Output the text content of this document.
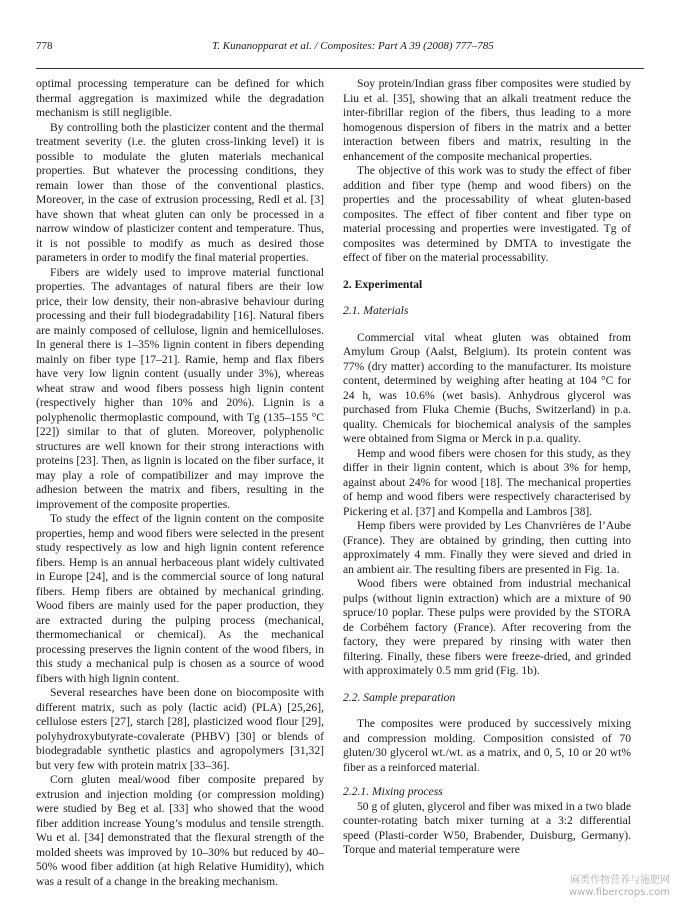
778	T. Kunanopparat et al. / Composites: Part A 39 (2008) 777–785

optimal processing temperature can be defined for which thermal aggregation is maximized while the degradation mechanism is still negligible.

By controlling both the plasticizer content and the thermal treatment severity (i.e. the gluten cross-linking level) it is possible to modulate the gluten materials mechanical properties. But whatever the processing conditions, they remain lower than those of the conventional plastics. Moreover, in the case of extrusion processing, Redl et al. [3] have shown that wheat gluten can only be processed in a narrow window of plasticizer content and temperature. Thus, it is not possible to modify as much as desired those parameters in order to modify the final material properties.

Fibers are widely used to improve material functional properties. The advantages of natural fibers are their low price, their low density, their non-abrasive behaviour during processing and their full biodegradability [16]. Natural fibers are mainly composed of cellulose, lignin and hemicelluloses. In general there is 1–35% lignin content in fibers depending mainly on fiber type [17–21]. Ramie, hemp and flax fibers have very low lignin content (usually under 3%), whereas wheat straw and wood fibers possess high lignin content (respectively higher than 10% and 20%). Lignin is a polyphenolic thermoplastic compound, with Tg (135–155 °C [22]) similar to that of gluten. Moreover, polyphenolic structures are well known for their strong interactions with proteins [23]. Then, as lignin is located on the fiber surface, it may play a role of compatibilizer and may improve the adhesion between the matrix and fibers, resulting in the improvement of the composite properties.

To study the effect of the lignin content on the composite properties, hemp and wood fibers were selected in the present study respectively as low and high lignin content reference fibers. Hemp is an annual herbaceous plant widely cultivated in Europe [24], and is the commercial source of long natural fibers. Hemp fibers are obtained by mechanical grinding. Wood fibers are mainly used for the paper production, they are extracted during the pulping process (mechanical, thermomechanical or chemical). As the mechanical processing preserves the lignin content of the wood fibers, in this study a mechanical pulp is chosen as a source of wood fibers with high lignin content.

Several researches have been done on biocomposite with different matrix, such as poly (lactic acid) (PLA) [25,26], cellulose esters [27], starch [28], plasticized wood flour [29], polyhydroxybutyrate-covalerate (PHBV) [30] or blends of biodegradable synthetic plastics and agropolymers [31,32] but very few with protein matrix [33–36].

Corn gluten meal/wood fiber composite prepared by extrusion and injection molding (or compression molding) were studied by Beg et al. [33] who showed that the wood fiber addition increase Young’s modulus and tensile strength. Wu et al. [34] demonstrated that the flexural strength of the molded sheets was improved by 10–30% but reduced by 40–50% wood fiber addition (at high Relative Humidity), which was a result of a change in the breaking mechanism.

Soy protein/Indian grass fiber composites were studied by Liu et al. [35], showing that an alkali treatment reduce the inter-fibrillar region of the fibers, thus leading to a more homogenous dispersion of fibers in the matrix and a better interaction between fibers and matrix, resulting in the enhancement of the composite mechanical properties.

The objective of this work was to study the effect of fiber addition and fiber type (hemp and wood fibers) on the properties and the processability of wheat gluten-based composites. The effect of fiber content and fiber type on material processing and properties were investigated. Tg of composites was determined by DMTA to investigate the effect of fiber on the material processability.

2. Experimental

2.1. Materials

Commercial vital wheat gluten was obtained from Amylum Group (Aalst, Belgium). Its protein content was 77% (dry matter) according to the manufacturer. Its moisture content, determined by weighing after heating at 104 °C for 24 h, was 10.6% (wet basis). Anhydrous glycerol was purchased from Fluka Chemie (Buchs, Switzerland) in p.a. quality. Chemicals for biochemical analysis of the samples were obtained from Sigma or Merck in p.a. quality.

Hemp and wood fibers were chosen for this study, as they differ in their lignin content, which is about 3% for hemp, against about 24% for wood [18]. The mechanical properties of hemp and wood fibers were respectively characterised by Pickering et al. [37] and Kompella and Lambros [38].

Hemp fibers were provided by Les Chanvrières de l’Aube (France). They are obtained by grinding, then cutting into approximately 4 mm. Finally they were sieved and dried in an ambient air. The resulting fibers are presented in Fig. 1a.

Wood fibers were obtained from industrial mechanical pulps (without lignin extraction) which are a mixture of 90 spruce/10 poplar. These pulps were provided by the STORA de Corbéhem factory (France). After recovering from the factory, they were prepared by rinsing with water then filtering. Finally, these fibers were freeze-dried, and grinded with approximately 0.5 mm grid (Fig. 1b).

2.2. Sample preparation

The composites were produced by successively mixing and compression molding. Composition consisted of 70 gluten/30 glycerol wt./wt. as a matrix, and 0, 5, 10 or 20 wt% fiber as a reinforced material.

2.2.1. Mixing process

50 g of gluten, glycerol and fiber was mixed in a two blade counter-rotating batch mixer turning at a 3:2 differential speed (Plasti-corder W50, Brabender, Duisburg, Germany). Torque and material temperature were

麻类作物营养与施肥网
www.fibercrops.com
